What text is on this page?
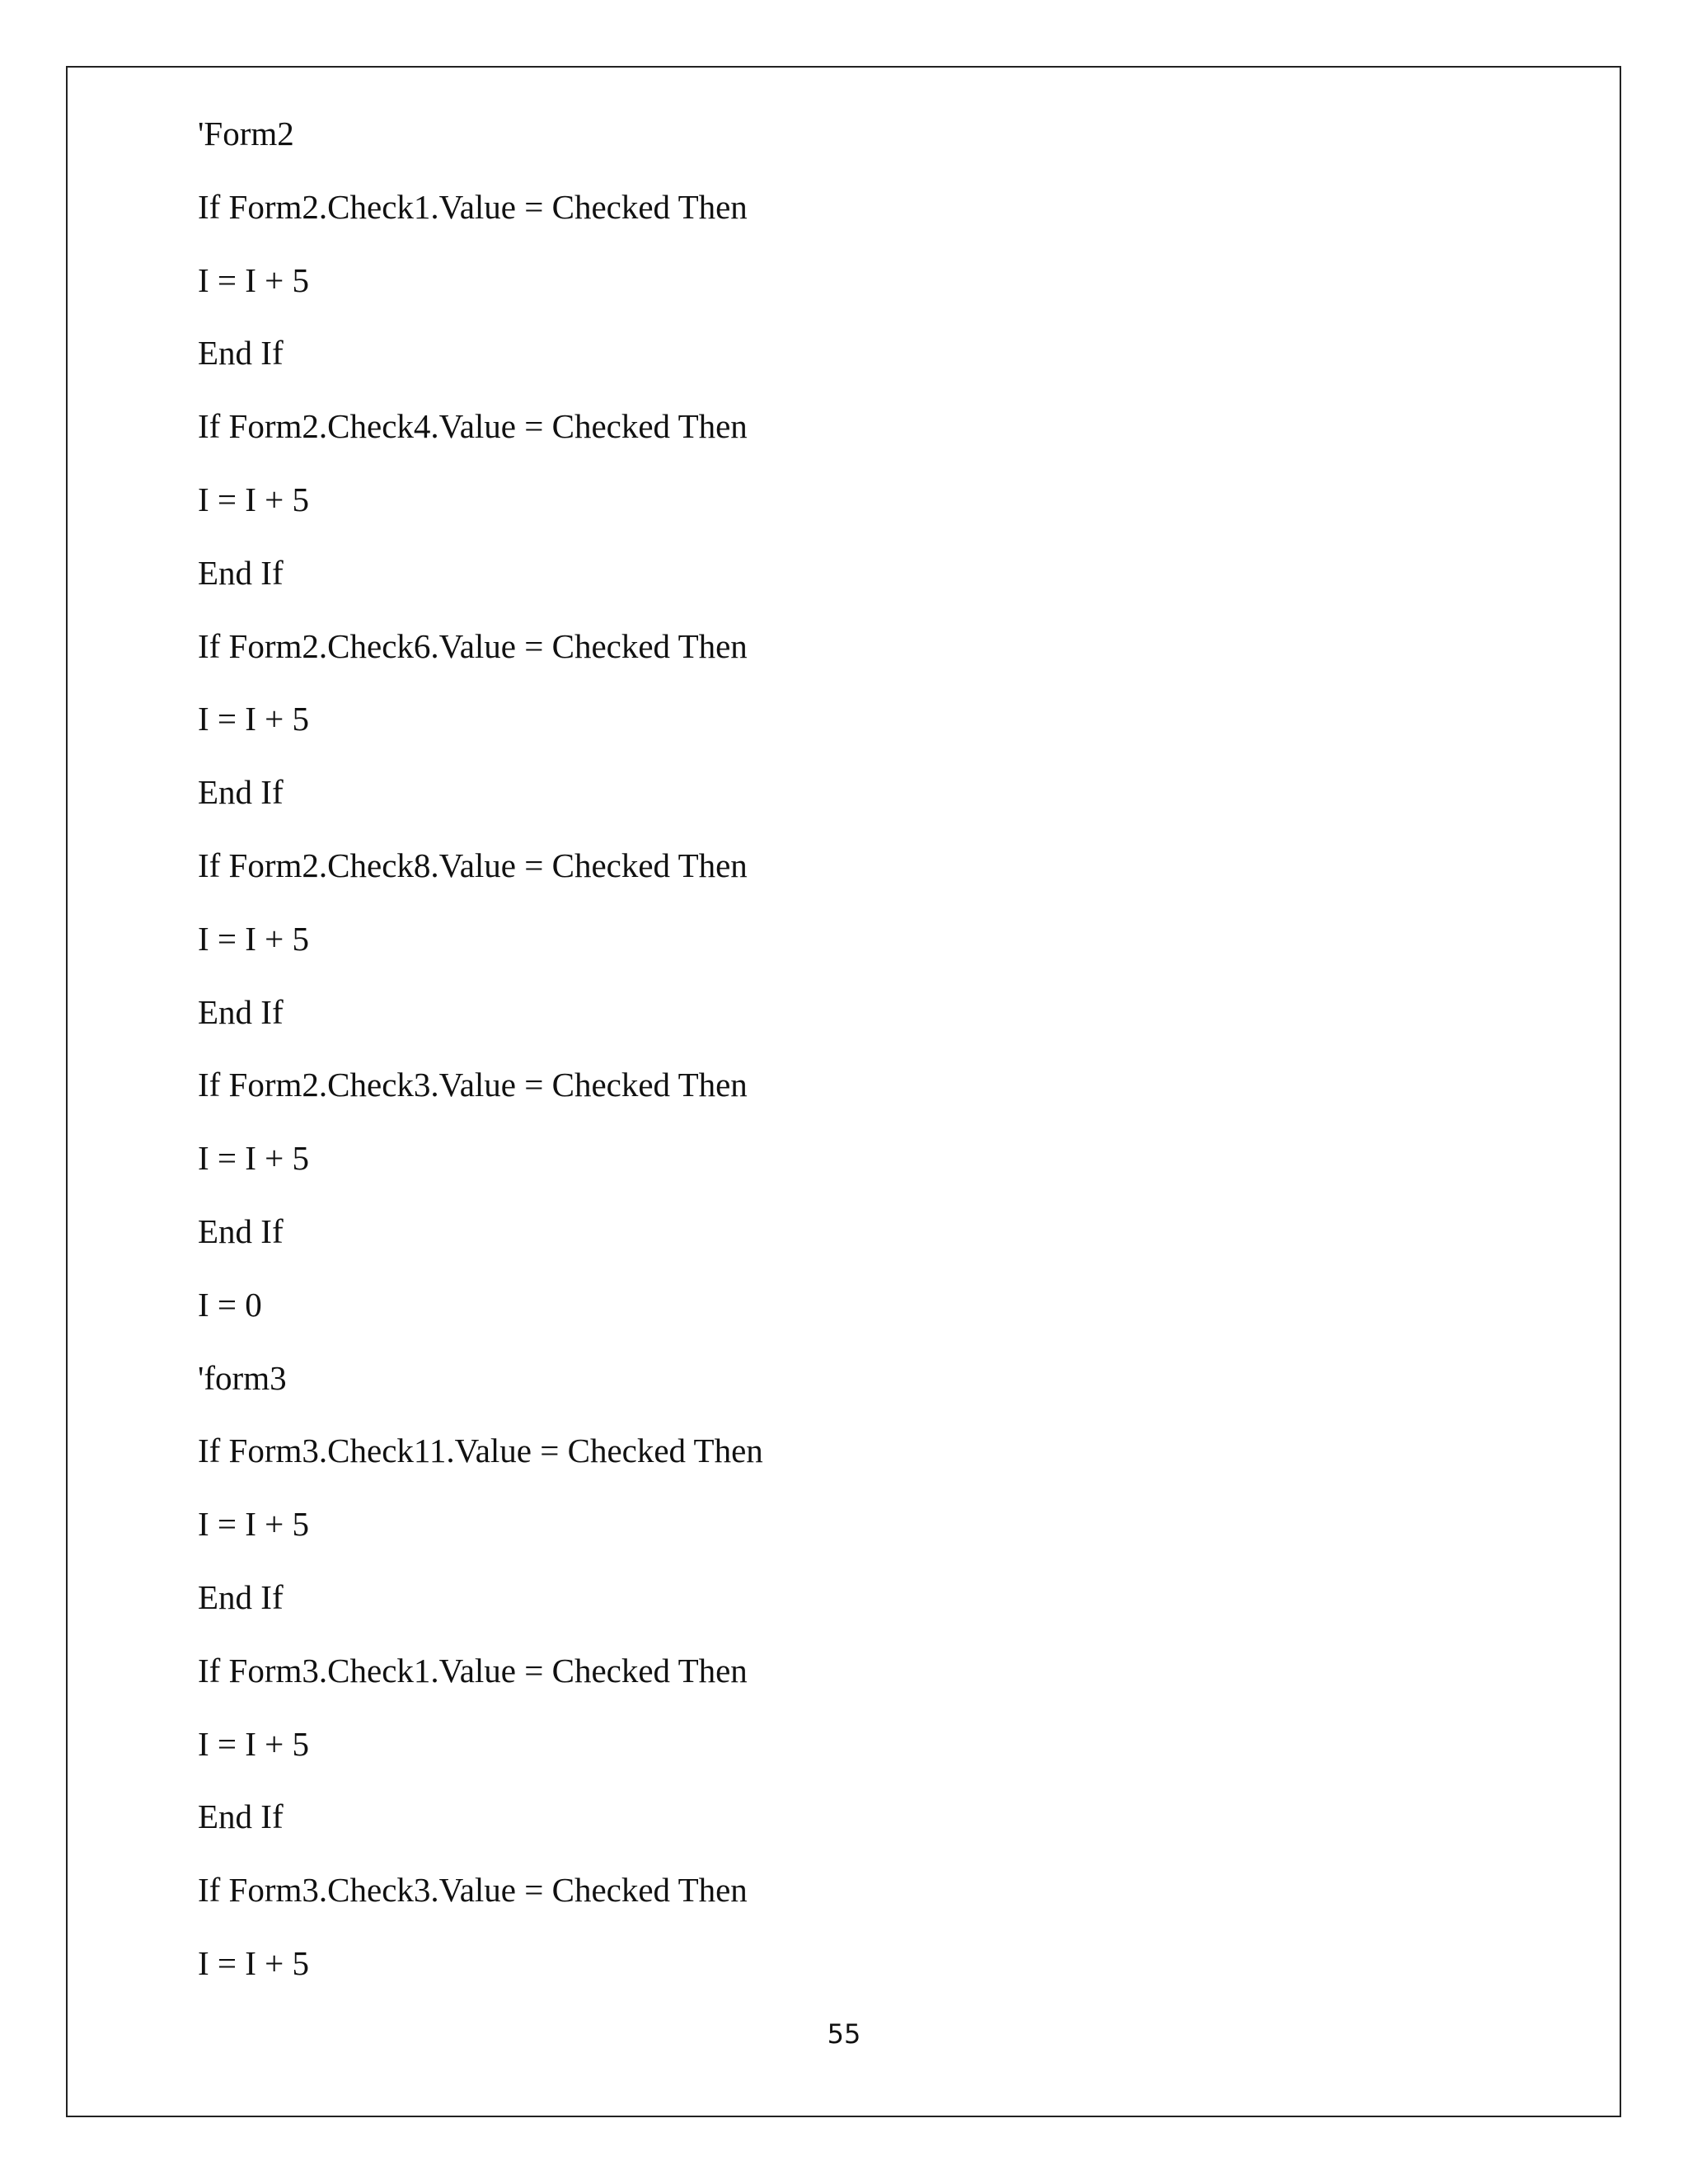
'Form2
If Form2.Check1.Value = Checked Then
I = I + 5
End If
If Form2.Check4.Value = Checked Then
I = I + 5
End If
If Form2.Check6.Value = Checked Then
I = I + 5
End If
If Form2.Check8.Value = Checked Then
I = I + 5
End If
If Form2.Check3.Value = Checked Then
I = I + 5
End If
I = 0
'form3
If Form3.Check11.Value = Checked Then
I = I + 5
End If
If Form3.Check1.Value = Checked Then
I = I + 5
End If
If Form3.Check3.Value = Checked Then
I = I + 5
55
